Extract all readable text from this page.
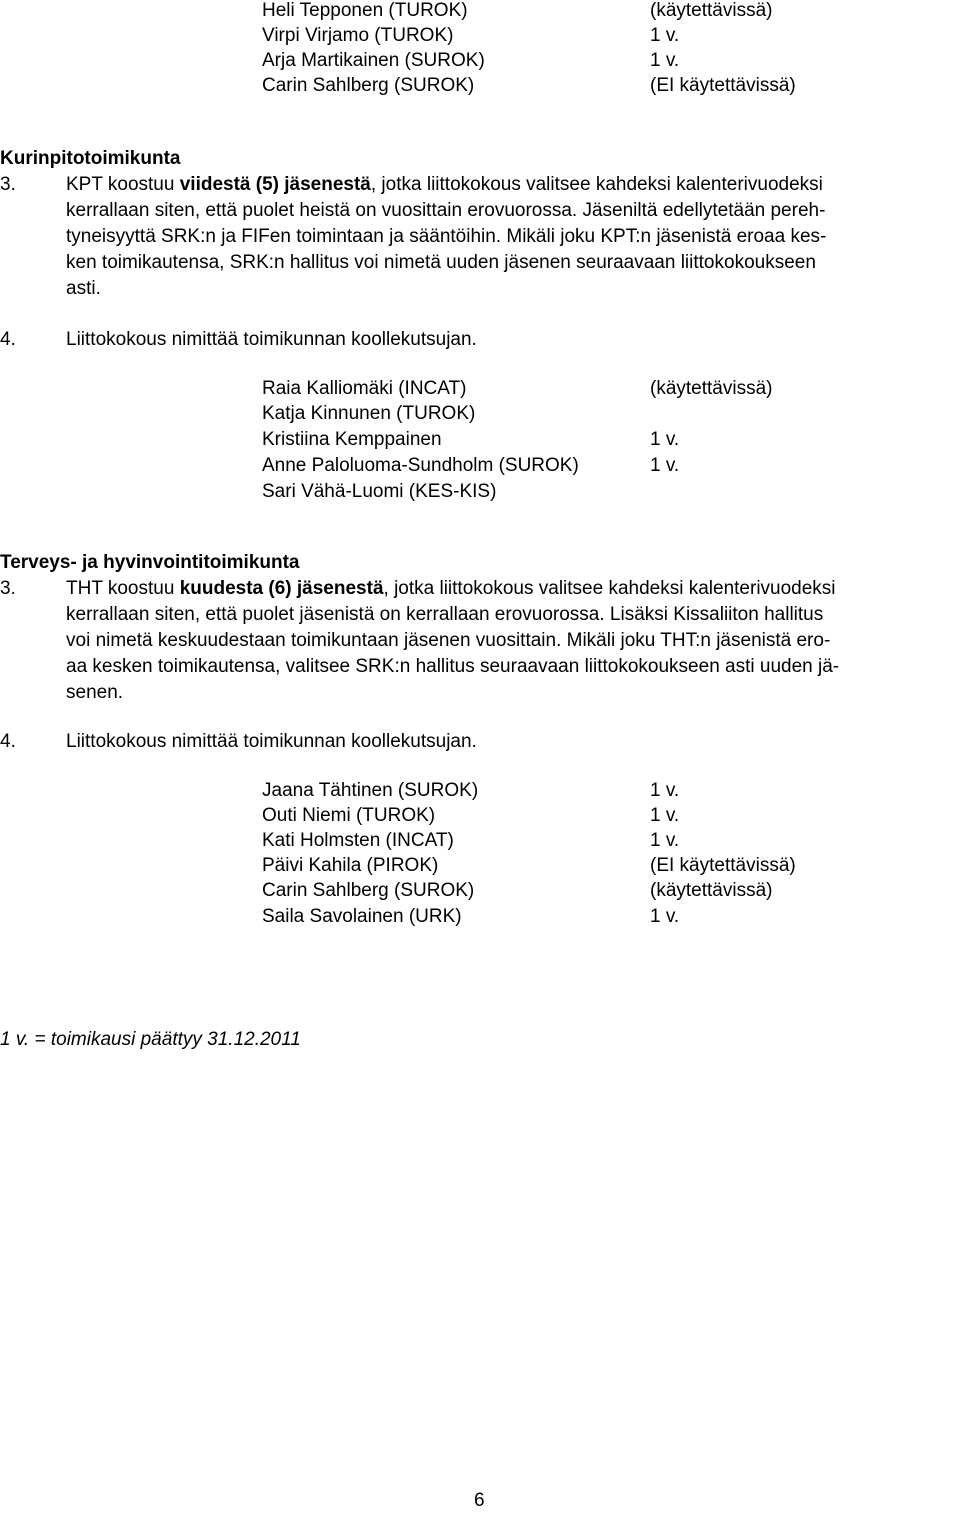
Heli Tepponen (TUROK)	(käytettävissä)
Virpi Virjamo (TUROK)	1 v.
Arja Martikainen (SUROK)	1 v.
Carin Sahlberg (SUROK)	(EI käytettävissä)
Kurinpitotoimikunta
3.	KPT koostuu viidestä (5) jäsenestä, jotka liittokokous valitsee kahdeksi kalenterivuodeksi
kerrallaan siten, että puolet heistä on vuosittain erovuorossa. Jäseniltä edellytetään pereh-
tyneisyyttä SRK:n ja FIFen toimintaan ja sääntöihin. Mikäli joku KPT:n jäsenistä eroaa kes-
ken toimikautensa, SRK:n hallitus voi nimetä uuden jäsenen seuraavaan liittokokoukseen
asti.
4.	Liittokokous nimittää toimikunnan koollekutsujan.
Raia Kalliomäki (INCAT)	(käytettävissä)
Katja Kinnunen (TUROK)
Kristiina Kemppainen	1 v.
Anne Paloluoma-Sundholm (SUROK)	1 v.
Sari Vähä-Luomi (KES-KIS)
Terveys- ja hyvinvointitoimikunta
3.	THT koostuu kuudesta (6) jäsenestä, jotka liittokokous valitsee kahdeksi kalenterivuodeksi
kerrallaan siten, että puolet jäsenistä on kerrallaan erovuorossa. Lisäksi Kissaliiton hallitus
voi nimetä keskuudestaan toimikuntaan jäsenen vuosittain. Mikäli joku THT:n jäsenistä ero-
aa kesken toimikautensa, valitsee SRK:n hallitus seuraavaan liittokokoukseen asti uuden jä-
senen.
4.	Liittokokous nimittää toimikunnan koollekutsujan.
Jaana Tähtinen (SUROK)	1 v.
Outi Niemi (TUROK)	1 v.
Kati Holmsten (INCAT)	1 v.
Päivi Kahila (PIROK)	(EI käytettävissä)
Carin Sahlberg (SUROK)	(käytettävissä)
Saila Savolainen (URK)	1 v.
1 v. = toimikausi päättyy 31.12.2011
6
